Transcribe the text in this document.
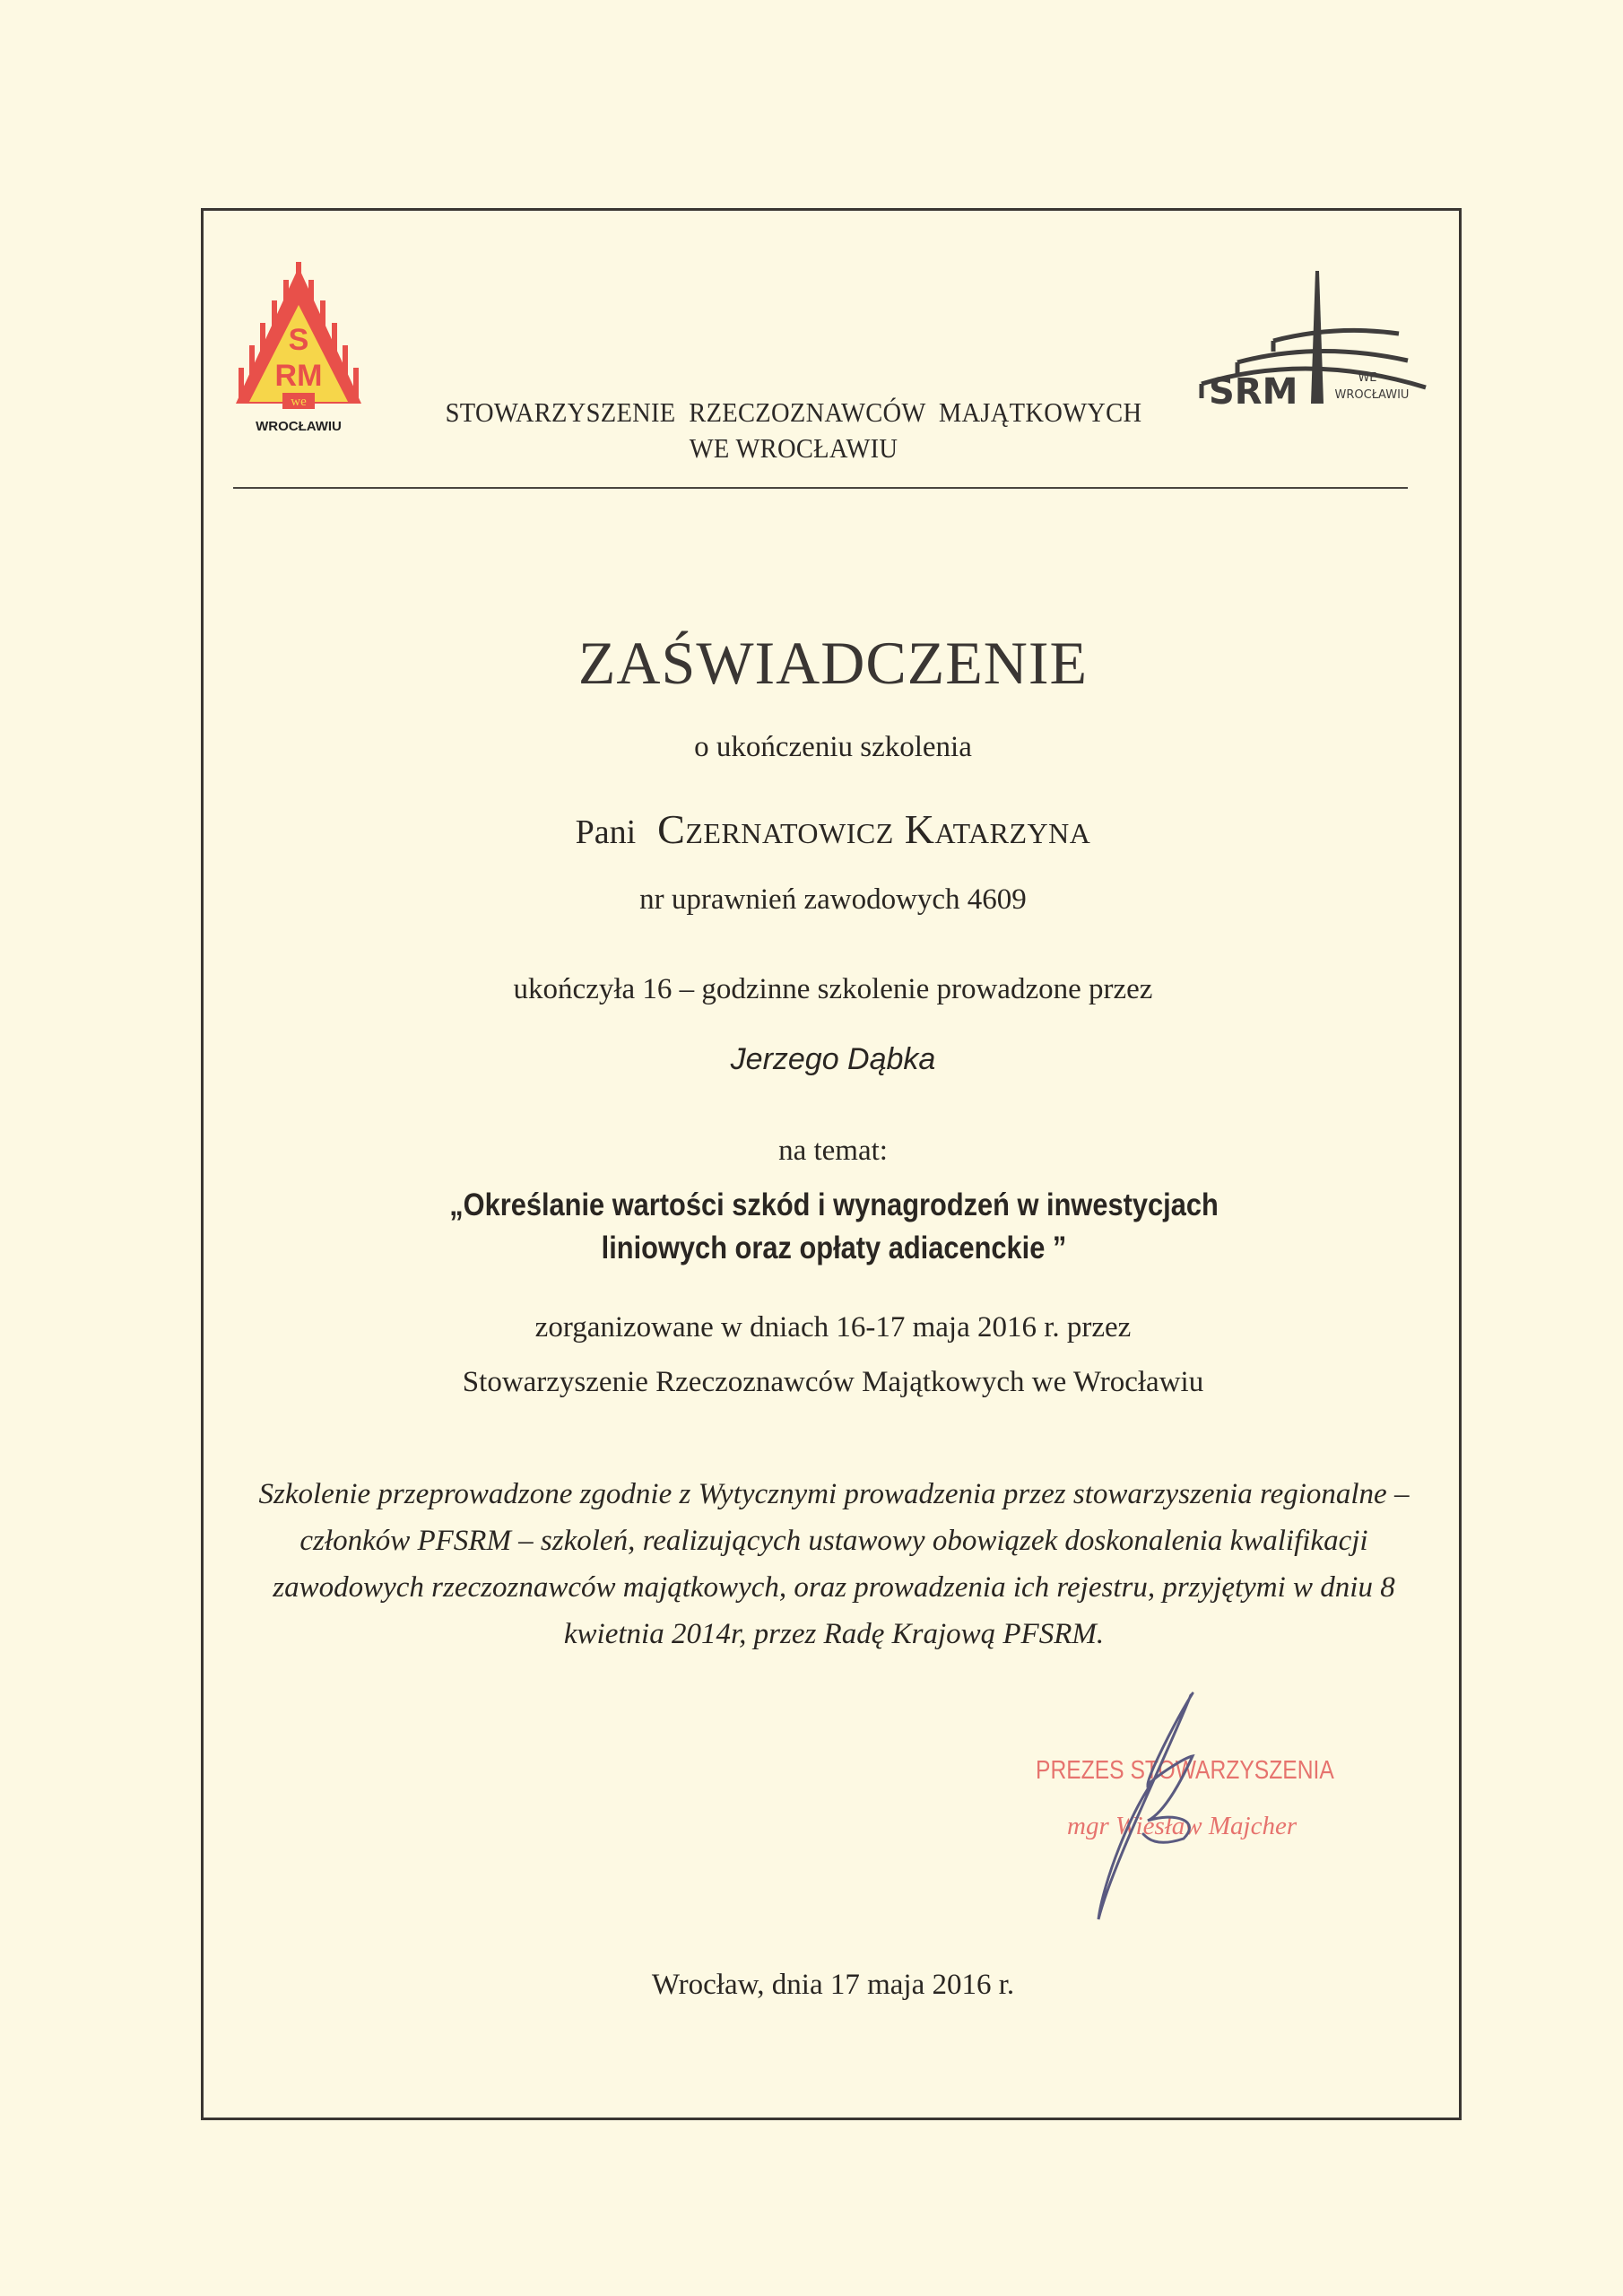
S
RM
we
WROCŁAWIU	STOWARZYSZENIE  RZECZOZNAWCÓW  MAJĄTKOWYCH
WE WROCŁAWIU
SRM	WE
WROCŁAWIU
ZAŚWIADCZENIE
o ukończeniu szkolenia
Pani Czernatowicz Katarzyna
nr uprawnień zawodowych 4609
ukończyła 16 – godzinne szkolenie prowadzone przez
Jerzego Dąbka
na temat:
„Określanie wartości szkód i wynagrodzeń w inwestycjach liniowych oraz opłaty adiacenckie ”
zorganizowane w dniach 16-17 maja 2016 r. przez
Stowarzyszenie Rzeczoznawców Majątkowych we Wrocławiu
Szkolenie przeprowadzone zgodnie z Wytycznymi prowadzenia przez stowarzyszenia regionalne – członków PFSRM – szkoleń, realizujących ustawowy obowiązek doskonalenia kwalifikacji zawodowych rzeczoznawców majątkowych, oraz prowadzenia ich rejestru, przyjętymi w dniu 8 kwietnia 2014r, przez Radę Krajową PFSRM.
PREZES STOWARZYSZENIA
mgr Wiesław Majcher
Wrocław, dnia 17 maja 2016 r.
